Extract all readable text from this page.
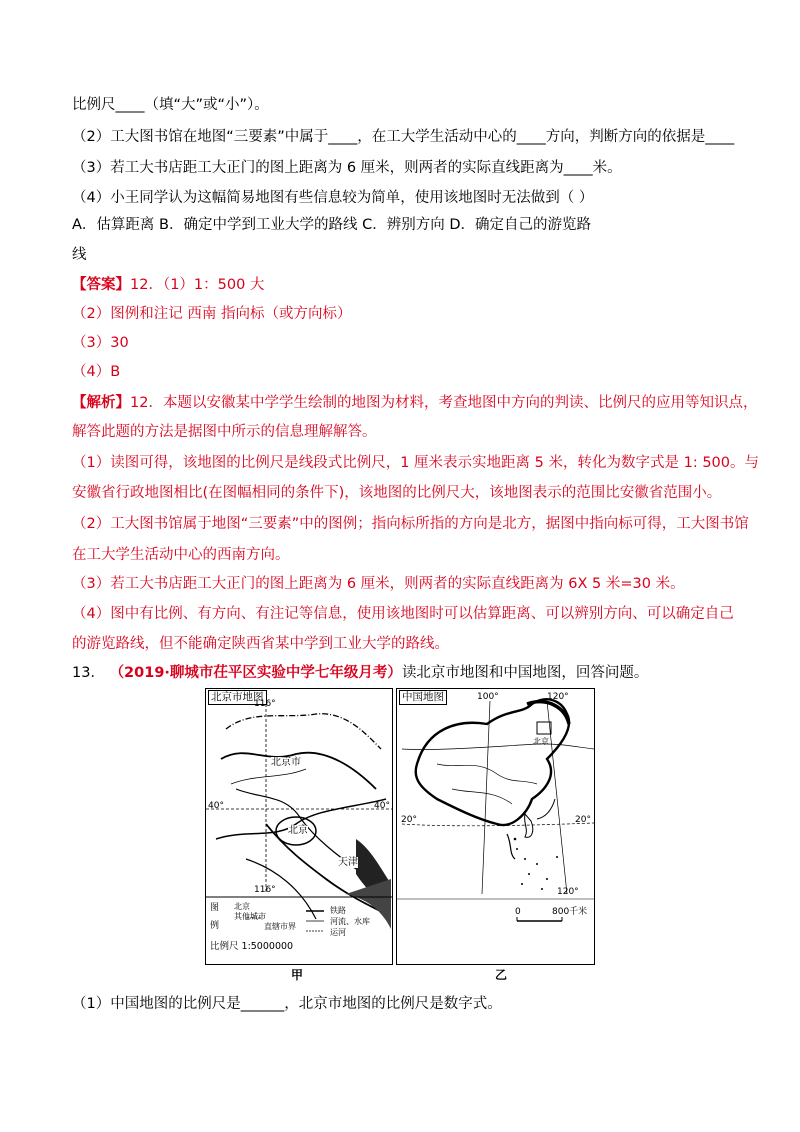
比例尺____（填“大”或“小”）。
（2）工大图书馆在地图“三要素”中属于____，在工大学生活动中心的____方向，判断方向的依据是____
（3）若工大书店距工大正门的图上距离为 6 厘米，则两者的实际直线距离为____米。
（4）小王同学认为这幅简易地图有些信息较为简单，使用该地图时无法做到（ ）
A．估算距离 B．确定中学到工业大学的路线 C．辨别方向 D．确定自己的游览路
线
【答案】12．（1）1：500 大
（2）图例和注记 西南 指向标（或方向标）
（3）30
（4）B
【解析】12．本题以安徽某中学学生绘制的地图为材料，考查地图中方向的判读、比例尺的应用等知识点，
解答此题的方法是据图中所示的信息理解解答。
（1）读图可得，该地图的比例尺是线段式比例尺，1 厘米表示实地距离 5 米，转化为数字式是 1: 500。与
安徽省行政地图相比(在图幅相同的条件下)，该地图的比例尺大，该地图表示的范围比安徽省范围小。
（2）工大图书馆属于地图“三要素”中的图例；指向标所指的方向是北方，据图中指向标可得，工大图书馆
在工大学生活动中心的西南方向。
（3）若工大书店距工大正门的图上距离为 6 厘米，则两者的实际直线距离为 6X 5 米=30 米。
（4）图中有比例、有方向、有注记等信息，使用该地图时可以估算距离、可以辨别方向、可以确定自己
的游览路线，但不能确定陕西省某中学到工业大学的路线。
13． （2019·聊城市茌平区实验中学七年级月考）读北京市地图和中国地图，回答问题。
北京市地图
116°
116°
40°	40°
北京市
北京
天津
图
例
北京	铁路
其他城市
河流、水库
直辖市界
运河
比例尺 1:5000000
中国地图	100°	120°
120°
20°	20°
北京
0	800千米
甲	乙
（1）中国地图的比例尺是______，北京市地图的比例尺是数字式。
